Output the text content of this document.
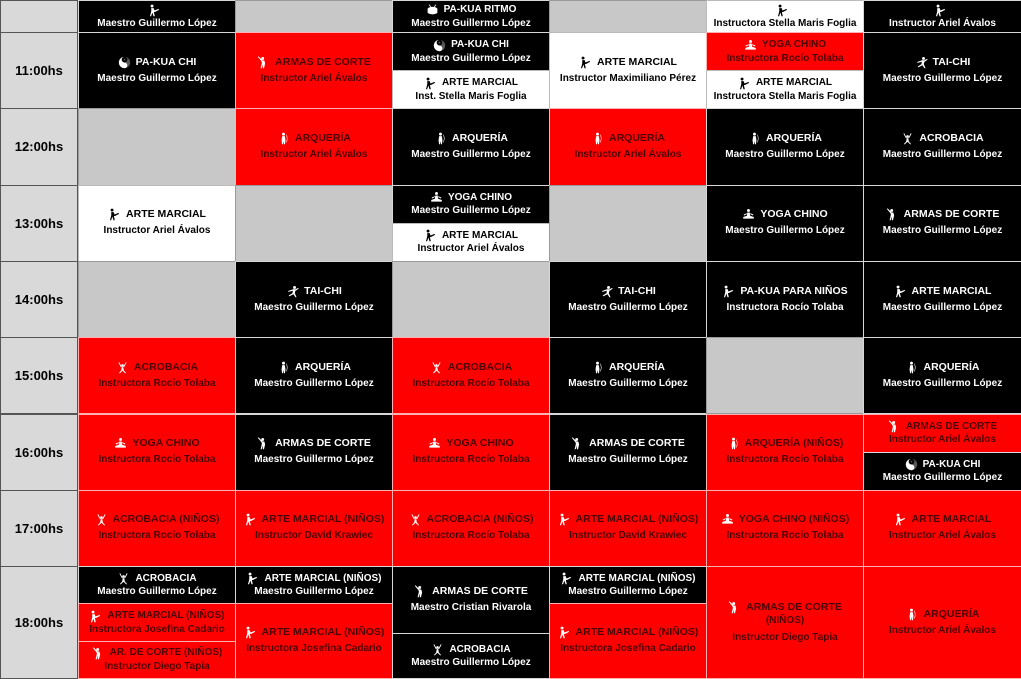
11:00hs
12:00hs
13:00hs
14:00hs
15:00hs
16:00hs
17:00hs
18:00hs
Maestro Guillermo López
PA-KUA RITMO
Maestro Guillermo López	Instructora Stella Maris Foglia	Instructor Ariel Ávalos
PA-KUA CHI
Maestro Guillermo López
ARMAS DE CORTE
Instructor Ariel Ávalos
PA-KUA CHI
Maestro Guillermo López
ARTE MARCIAL
Inst. Stella Maris Foglia
ARTE MARCIAL
Instructor Maximiliano Pérez
YOGA CHINO
Instructora Rocío Tolaba
ARTE MARCIAL
Instructora Stella Maris Foglia
TAI-CHI
Maestro Guillermo López
ARQUERÍA
Instructor Ariel Ávalos
ARQUERÍA
Maestro Guillermo López
ARQUERÍA
Instructor Ariel Ávalos
ARQUERÍA
Maestro Guillermo López
ACROBACIA
Maestro Guillermo López
ARTE MARCIAL
Instructor Ariel Ávalos
YOGA CHINO
Maestro Guillermo López
ARTE MARCIAL
Instructor Ariel Ávalos
YOGA CHINO
Maestro Guillermo López
ARMAS DE CORTE
Maestro Guillermo López
TAI-CHI
Maestro Guillermo López
TAI-CHI
Maestro Guillermo López
PA-KUA PARA NIÑOS
Instructora Rocío Tolaba
ARTE MARCIAL
Maestro Guillermo López
ACROBACIA
Instructora Rocío Tolaba
ARQUERÍA
Maestro Guillermo López
ACROBACIA
Instructora Rocío Tolaba
ARQUERÍA
Maestro Guillermo López
ARQUERÍA
Maestro Guillermo López
YOGA CHINO
Instructora Rocío Tolaba
ARMAS DE CORTE
Maestro Guillermo López
YOGA CHINO
Instructora Rocío Tolaba
ARMAS DE CORTE
Maestro Guillermo López
ARQUERÍA (NIÑOS)
Instructora Rocío Tolaba
ARMAS DE CORTE
Instructor Ariel Ávalos
PA-KUA CHI
Maestro Guillermo López
ACROBACIA (NIÑOS)
Instructora Rocío Tolaba
ARTE MARCIAL (NIÑOS)
Instructor David Krawiec
ACROBACIA (NIÑOS)
Instructora Rocío Tolaba
ARTE MARCIAL (NIÑOS)
Instructor David Krawiec
YOGA CHINO (NIÑOS)
Instructora Rocío Tolaba
ARTE MARCIAL
Instructor Ariel Ávalos
ACROBACIA
Maestro Guillermo López
ARTE MARCIAL (NIÑOS)
Instructora Josefina Cadario
AR. DE CORTE (NIÑOS)
Instructor Diego Tapia
ARTE MARCIAL (NIÑOS)
Maestro Guillermo López
ARTE MARCIAL (NIÑOS)
Instructora Josefina Cadario
ARMAS DE CORTE
Maestro Cristian Rivarola
ACROBACIA
Maestro Guillermo López
ARTE MARCIAL (NIÑOS)
Maestro Guillermo López
ARTE MARCIAL (NIÑOS)
Instructora Josefina Cadario
ARMAS DE CORTE
(NIÑOS)
Instructor Diego Tapia
ARQUERÍA
Instructor Ariel Ávalos
